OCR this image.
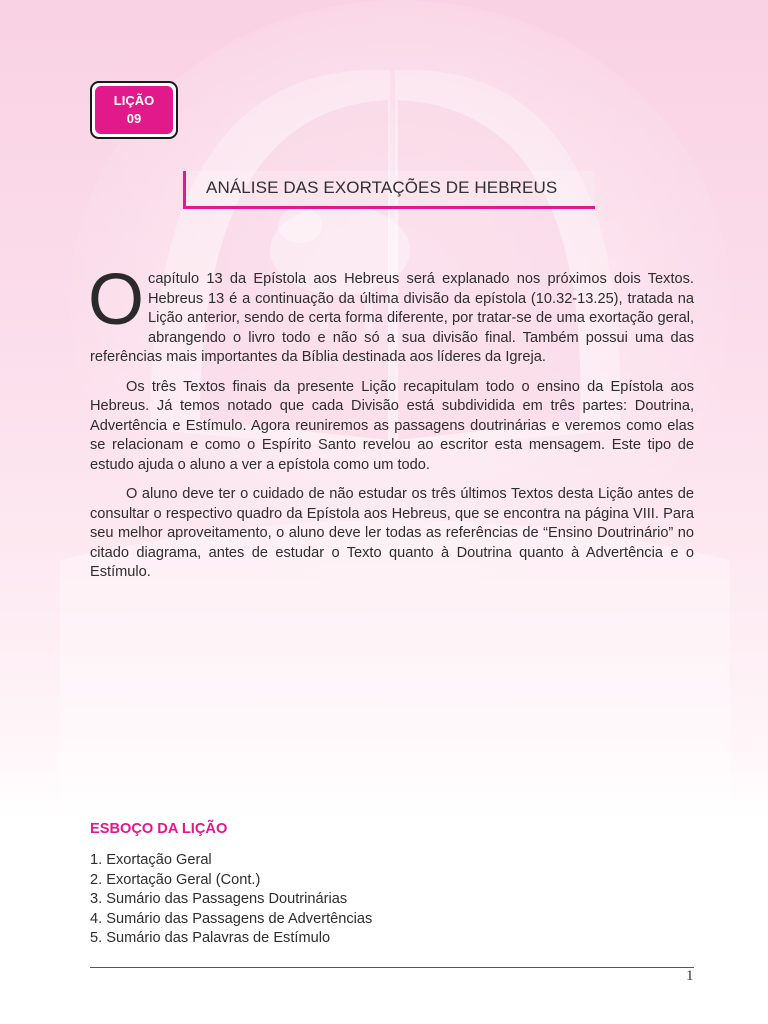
LIÇÃO
09
ANÁLISE DAS EXORTAÇÕES DE HEBREUS

Ocapítulo 13 da Epístola aos Hebreus será explanado nos próximos dois Textos. Hebreus 13 é a continuação da última divisão da epístola (10.32-13.25), tratada na Lição anterior, sendo de certa forma diferente, por tratar-se de uma exortação geral, abrangendo o livro todo e não só a sua divisão final. Também possui uma das referências mais importantes da Bíblia destinada aos líderes da Igreja.

Os três Textos finais da presente Lição recapitulam todo o ensino da Epístola aos Hebreus. Já temos notado que cada Divisão está subdividida em três partes: Doutrina, Advertência e Estímulo. Agora reuniremos as passagens doutrinárias e veremos como elas se relacionam e como o Espírito Santo revelou ao escritor esta mensagem. Este tipo de estudo ajuda o aluno a ver a epístola como um todo.

O aluno deve ter o cuidado de não estudar os três últimos Textos desta Lição antes de consultar o respectivo quadro da Epístola aos Hebreus, que se encontra na página VIII. Para seu melhor aproveitamento, o aluno deve ler todas as referências de “Ensino Doutrinário” no citado diagrama, antes de estudar o Texto quanto à Doutrina quanto à Advertência e o Estímulo.

ESBOÇO DA LIÇÃO
1. Exortação Geral
2. Exortação Geral (Cont.)
3. Sumário das Passagens Doutrinárias
4. Sumário das Passagens de Advertências
5. Sumário das Palavras de Estímulo
1
